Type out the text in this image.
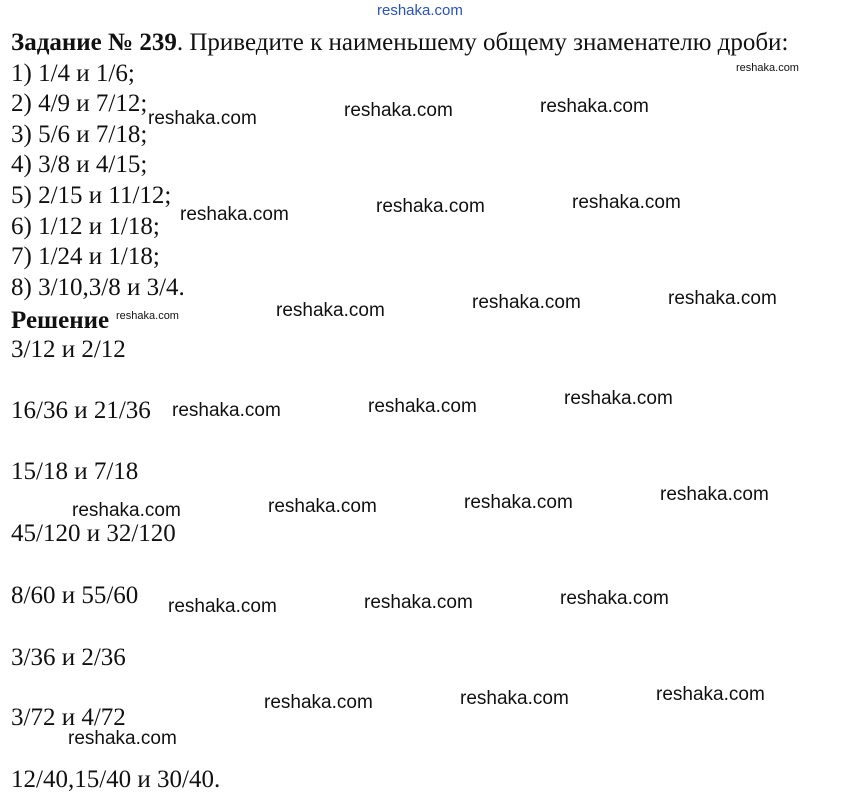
reshaka.com
Задание № 239. Приведите к наименьшему общему знаменателю дроби:
1) 1/4 и 1/6;
2) 4/9 и 7/12;
3) 5/6 и 7/18;
4) 3/8 и 4/15;
5) 2/15 и 11/12;
6) 1/12 и 1/18;
7) 1/24 и 1/18;
8) 3/10,3/8 и 3/4.
Решение
3/12 и 2/12
16/36 и 21/36
15/18 и 7/18
45/120 и 32/120
8/60 и 55/60
3/36 и 2/36
3/72 и 4/72
12/40,15/40 и 30/40.
reshaka.com
reshaka.com	reshaka.com	reshaka.com
reshaka.com	reshaka.com	reshaka.com
reshaka.com	reshaka.com	reshaka.com	reshaka.com
reshaka.com	reshaka.com	reshaka.com
reshaka.com	reshaka.com	reshaka.com	reshaka.com
reshaka.com	reshaka.com	reshaka.com
reshaka.com	reshaka.com	reshaka.com
reshaka.com
